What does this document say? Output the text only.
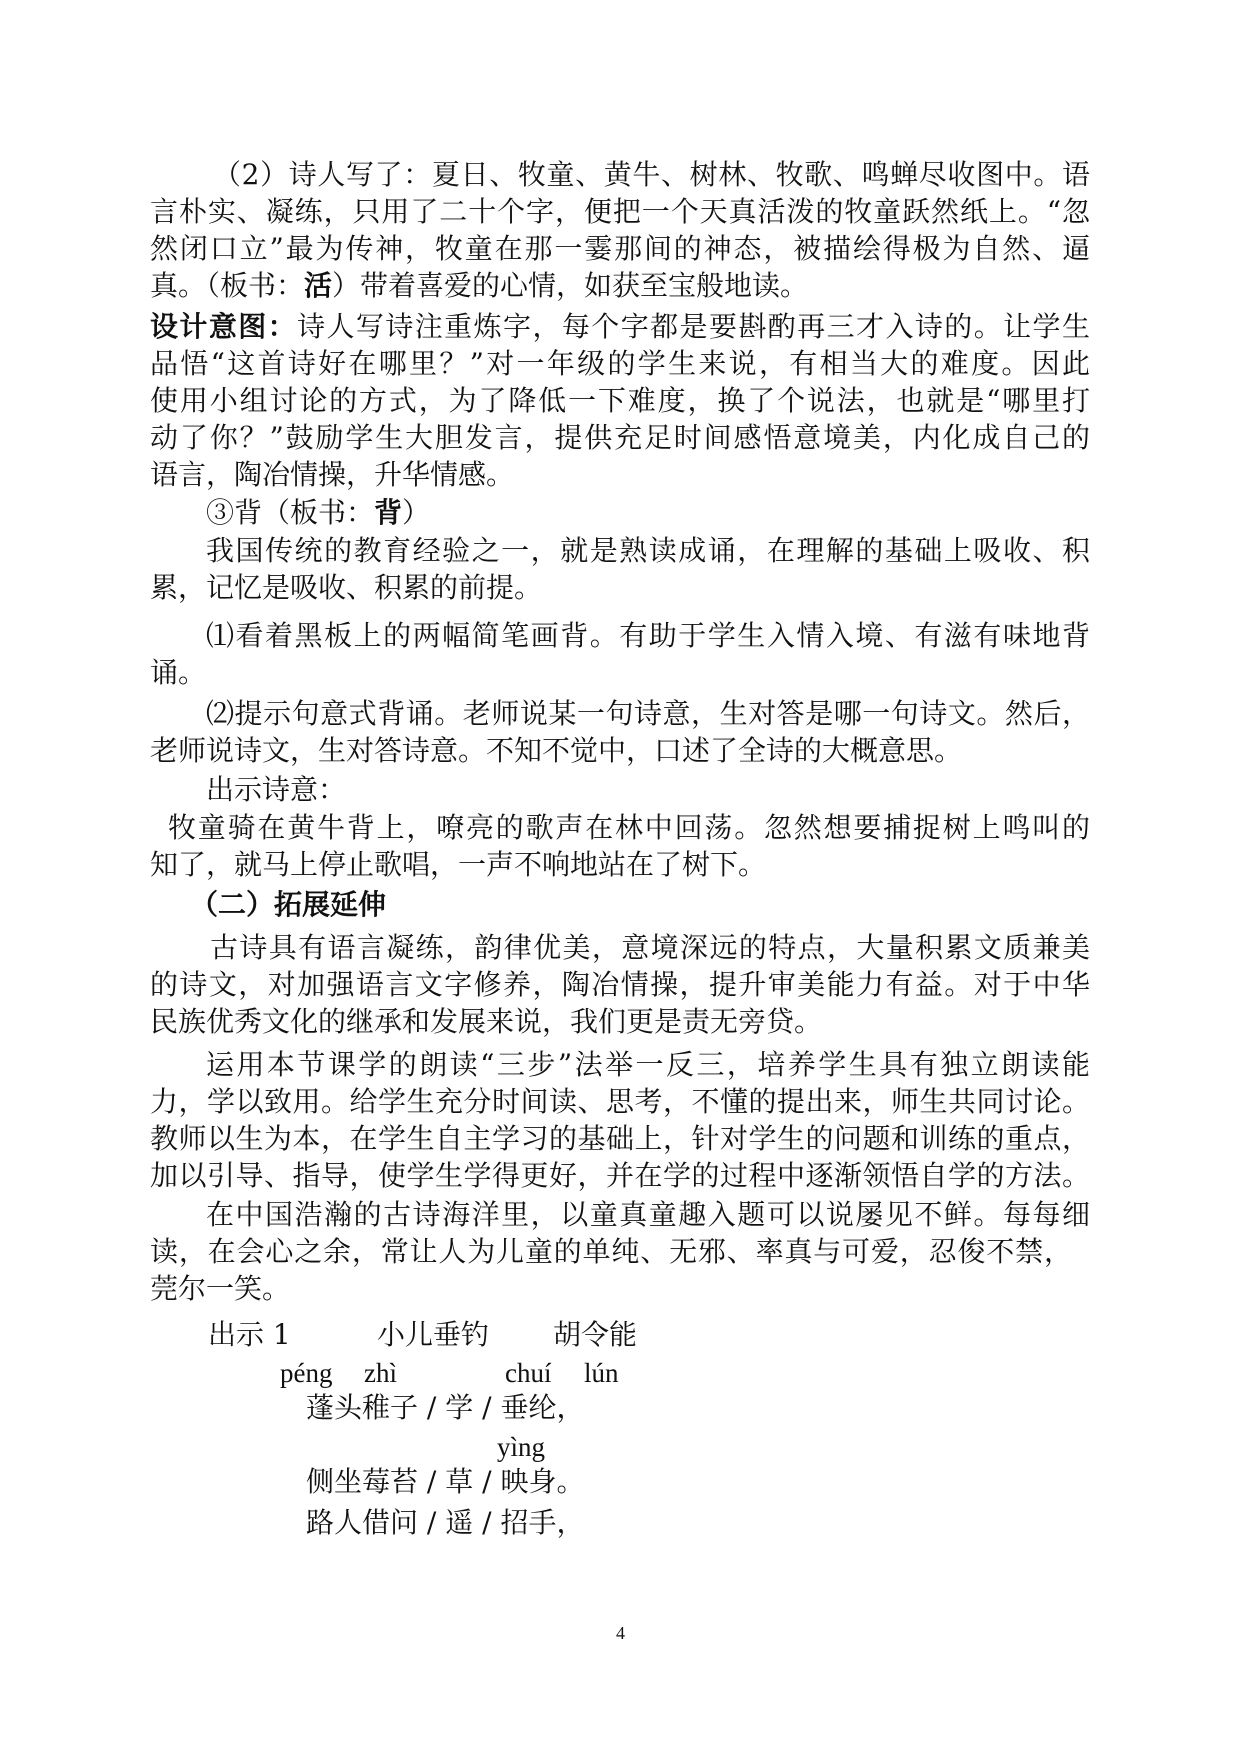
（2）诗人写了：夏日、牧童、黄牛、树林、牧歌、鸣蝉尽收图中。语
言朴实、凝练，只用了二十个字，便把一个天真活泼的牧童跃然纸上。“忽
然闭口立”最为传神，牧童在那一霎那间的神态，被描绘得极为自然、逼
真。（板书：活）带着喜爱的心情，如获至宝般地读。
设计意图：诗人写诗注重炼字，每个字都是要斟酌再三才入诗的。让学生
品悟“这首诗好在哪里？”对一年级的学生来说，有相当大的难度。因此
使用小组讨论的方式，为了降低一下难度，换了个说法，也就是“哪里打
动了你？”鼓励学生大胆发言，提供充足时间感悟意境美，内化成自己的
语言，陶冶情操，升华情感。
③背（板书：背）
我国传统的教育经验之一，就是熟读成诵，在理解的基础上吸收、积
累，记忆是吸收、积累的前提。
⑴看着黑板上的两幅简笔画背。有助于学生入情入境、有滋有味地背
诵。
⑵提示句意式背诵。老师说某一句诗意，生对答是哪一句诗文。然后，
老师说诗文，生对答诗意。不知不觉中，口述了全诗的大概意思。
出示诗意：
牧童骑在黄牛背上，嘹亮的歌声在林中回荡。忽然想要捕捉树上鸣叫的
知了，就马上停止歌唱，一声不响地站在了树下。
（二）拓展延伸
古诗具有语言凝练，韵律优美，意境深远的特点，大量积累文质兼美
的诗文，对加强语言文字修养，陶冶情操，提升审美能力有益。对于中华
民族优秀文化的继承和发展来说，我们更是责无旁贷。
运用本节课学的朗读“三步”法举一反三，培养学生具有独立朗读能
力，学以致用。给学生充分时间读、思考，不懂的提出来，师生共同讨论。
教师以生为本，在学生自主学习的基础上，针对学生的问题和训练的重点，
加以引导、指导，使学生学得更好，并在学的过程中逐渐领悟自学的方法。
在中国浩瀚的古诗海洋里，以童真童趣入题可以说屡见不鲜。每每细
读，在会心之余，常让人为儿童的单纯、无邪、率真与可爱，忍俊不禁，
莞尔一笑。
出示 1	小儿垂钓 胡令能
péng zhì	chuí lún
蓬头稚子 / 学 / 垂纶，
yìng
侧坐莓苔 / 草 / 映身。
路人借问 / 遥 / 招手，
4
